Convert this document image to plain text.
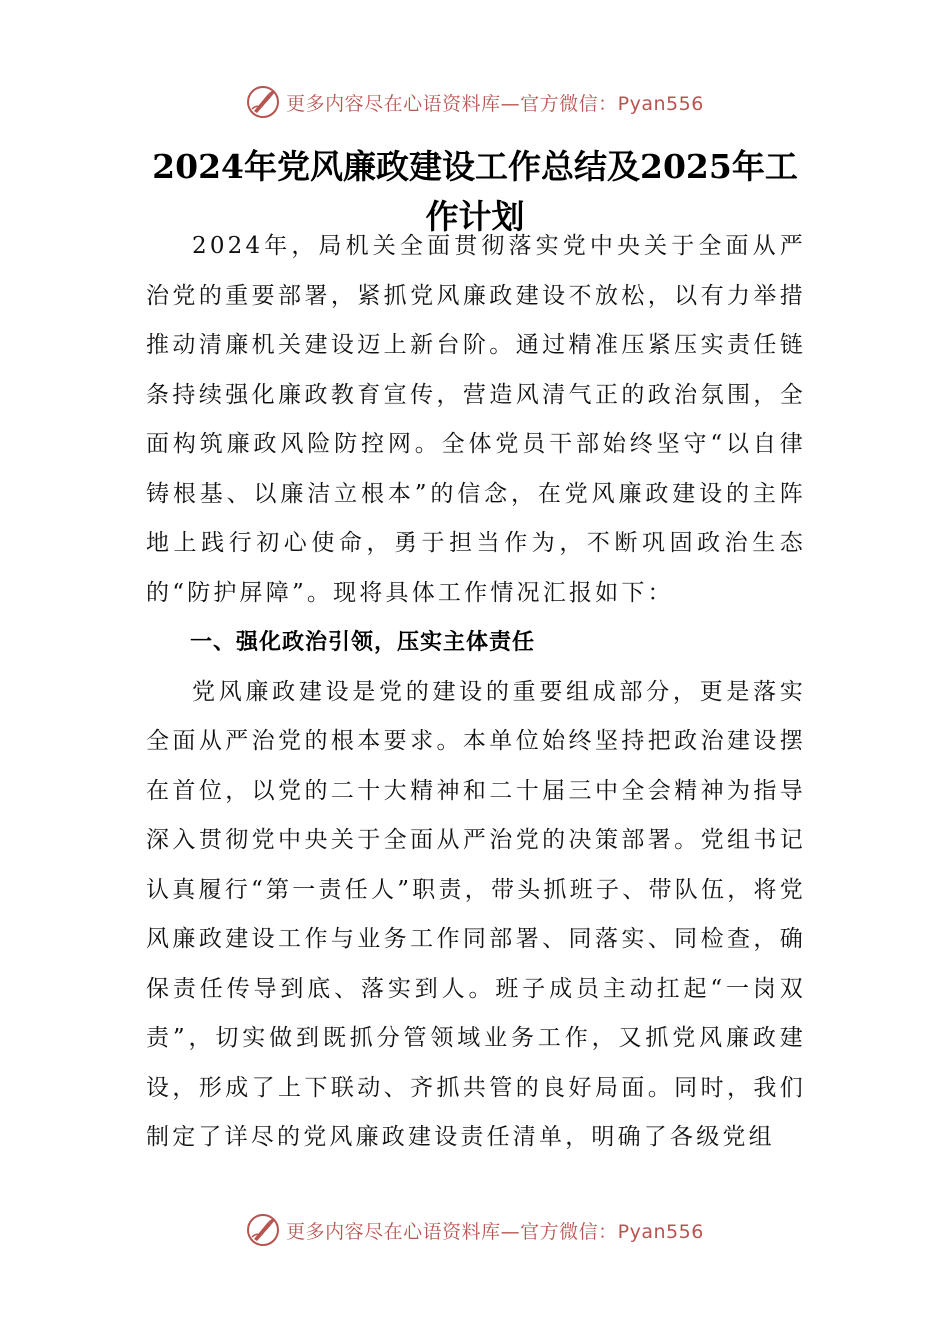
更多内容尽在心语资料库—官方微信：Pyan556
2024年党风廉政建设工作总结及2025年工作计划

2024年，局机关全面贯彻落实党中央关于全面从严治党的重要部署，紧抓党风廉政建设不放松，以有力举措推动清廉机关建设迈上新台阶。通过精准压紧压实责任链条持续强化廉政教育宣传，营造风清气正的政治氛围，全面构筑廉政风险防控网。全体党员干部始终坚守“以自律铸根基、以廉洁立根本”的信念，在党风廉政建设的主阵地上践行初心使命，勇于担当作为，不断巩固政治生态的“防护屏障”。现将具体工作情况汇报如下：

一、强化政治引领，压实主体责任

党风廉政建设是党的建设的重要组成部分，更是落实全面从严治党的根本要求。本单位始终坚持把政治建设摆在首位，以党的二十大精神和二十届三中全会精神为指导深入贯彻党中央关于全面从严治党的决策部署。党组书记认真履行“第一责任人”职责，带头抓班子、带队伍，将党风廉政建设工作与业务工作同部署、同落实、同检查，确保责任传导到底、落实到人。班子成员主动扛起“一岗双责”，切实做到既抓分管领域业务工作，又抓党风廉政建设，形成了上下联动、齐抓共管的良好局面。同时，我们制定了详尽的党风廉政建设责任清单，明确了各级党组

更多内容尽在心语资料库—官方微信：Pyan556
